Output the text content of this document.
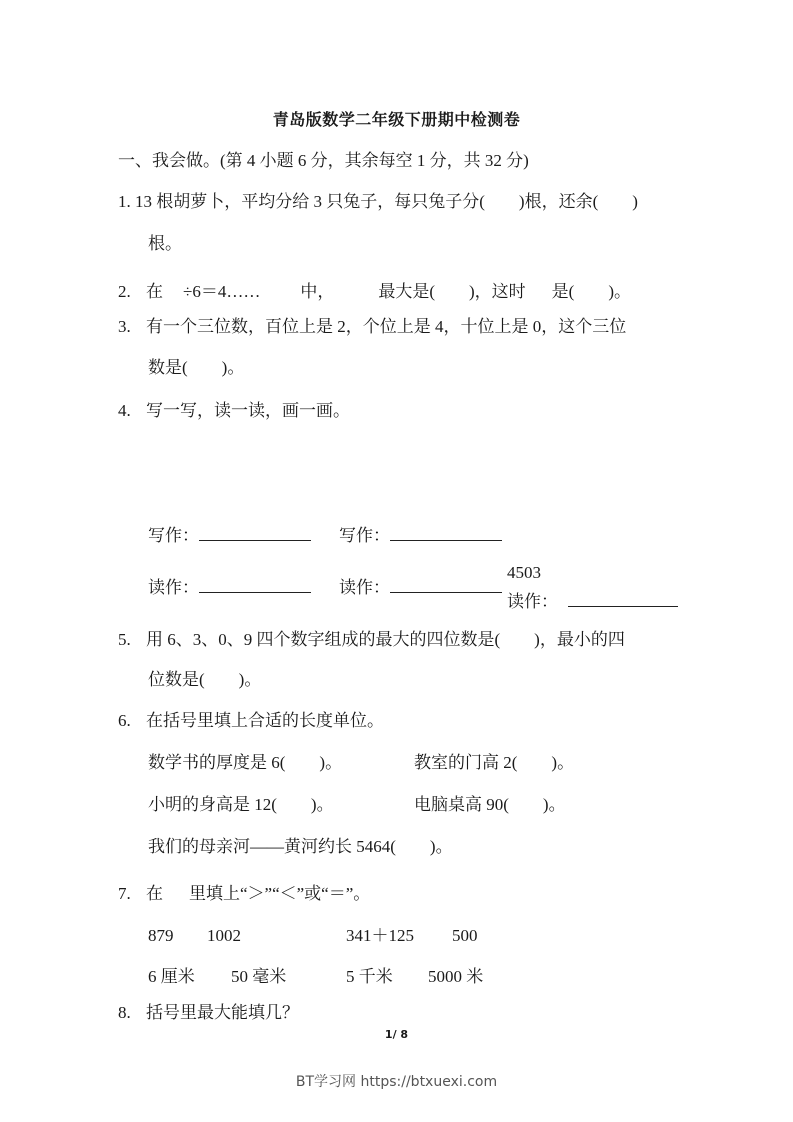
青岛版数学二年级下册期中检测卷
一、我会做。(第 4 小题 6 分，其余每空 1 分，共 32 分)
1. 13 根胡萝卜，平均分给 3 只兔子，每只兔子分(　　)根，还余(　　)
根。
2. 在 ÷6＝4…… 中，	最大是(　　)，这时 是(　　)。
3. 有一个三位数，百位上是 2，个位上是 4，十位上是 0，这个三位
数是(　　)。
4. 写一写，读一读，画一画。
写作：	写作：
读作：	读作：
4503
读作：
5. 用 6、3、0、9 四个数字组成的最大的四位数是(　　)，最小的四
位数是(　　)。
6. 在括号里填上合适的长度单位。
数学书的厚度是 6(　　)。	教室的门高 2(　　)。
小明的身高是 12(　　)。	电脑桌高 90(　　)。
我们的母亲河——黄河约长 5464(　　)。
7. 在 里填上“＞”“＜”或“＝”。
879 1002	341＋125 500
6 厘米 50 毫米	5 千米 5000 米
8. 括号里最大能填几？
1/ 8
BT学习网 https://btxuexi.com
